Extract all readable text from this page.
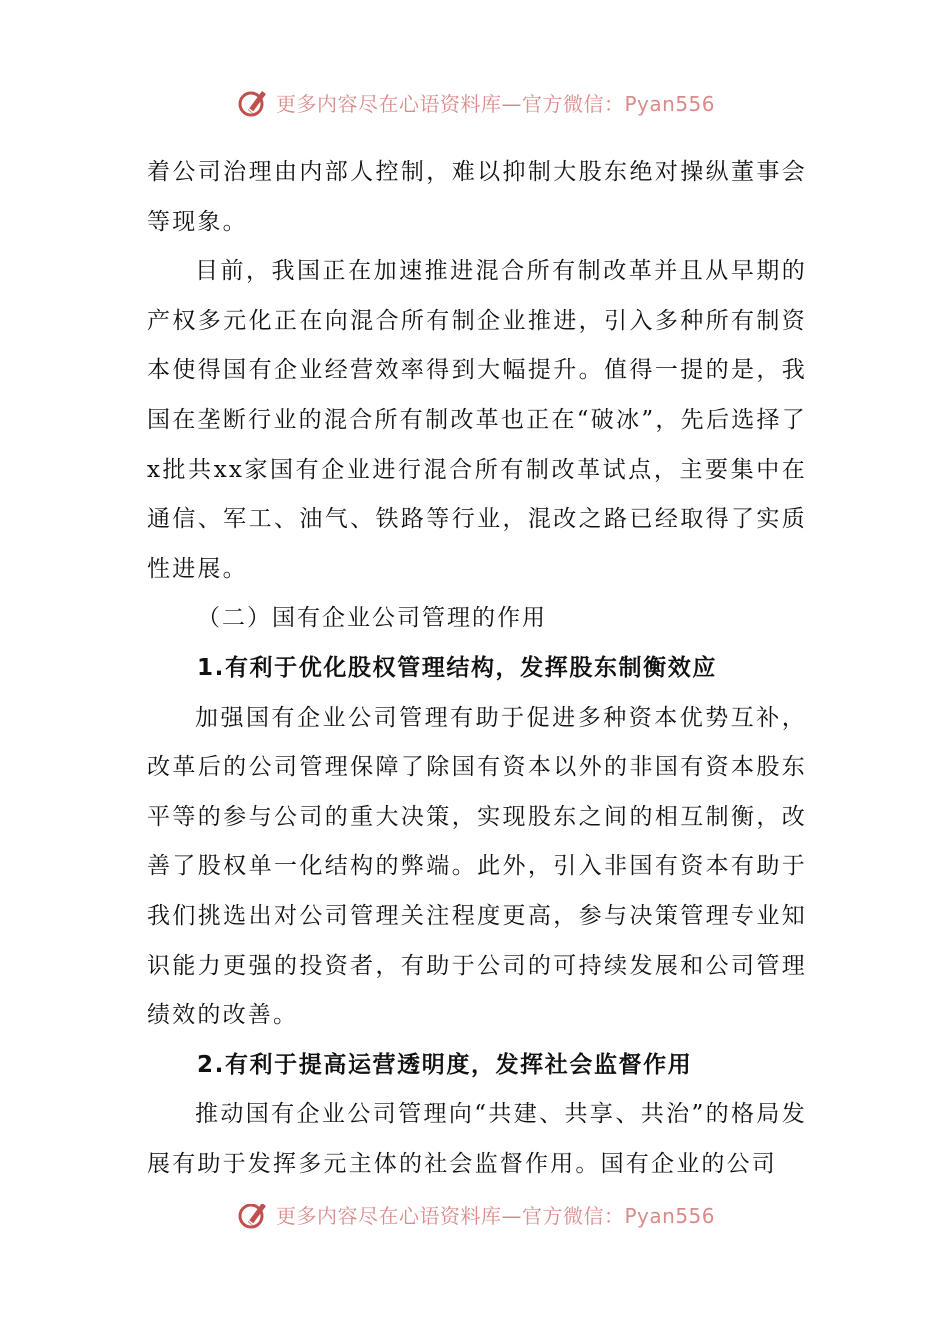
更多内容尽在心语资料库—官方微信：Pyan556

着公司治理由内部人控制，难以抑制大股东绝对操纵董事会等现象。

目前，我国正在加速推进混合所有制改革并且从早期的产权多元化正在向混合所有制企业推进，引入多种所有制资本使得国有企业经营效率得到大幅提升。值得一提的是，我国在垄断行业的混合所有制改革也正在“破冰”，先后选择了x批共xx家国有企业进行混合所有制改革试点，主要集中在通信、军工、油气、铁路等行业，混改之路已经取得了实质性进展。

（二）国有企业公司管理的作用

1.有利于优化股权管理结构，发挥股东制衡效应

加强国有企业公司管理有助于促进多种资本优势互补，改革后的公司管理保障了除国有资本以外的非国有资本股东平等的参与公司的重大决策，实现股东之间的相互制衡，改善了股权单一化结构的弊端。此外，引入非国有资本有助于我们挑选出对公司管理关注程度更高，参与决策管理专业知识能力更强的投资者，有助于公司的可持续发展和公司管理绩效的改善。

2.有利于提高运营透明度，发挥社会监督作用

推动国有企业公司管理向“共建、共享、共治”的格局发展有助于发挥多元主体的社会监督作用。国有企业的公司

更多内容尽在心语资料库—官方微信：Pyan556
